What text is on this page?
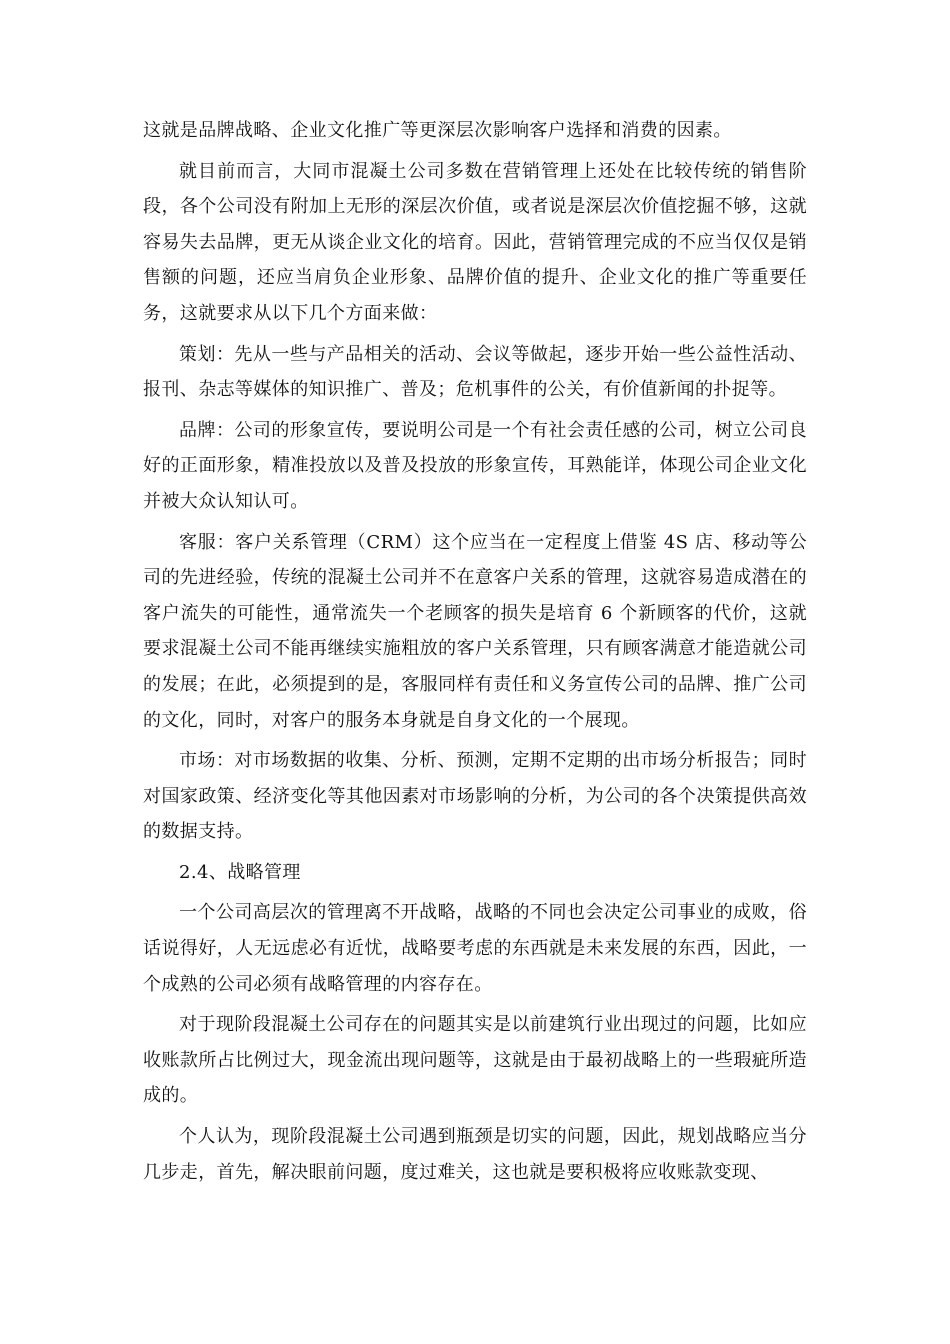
这就是品牌战略、企业文化推广等更深层次影响客户选择和消费的因素。

就目前而言，大同市混凝土公司多数在营销管理上还处在比较传统的销售阶段，各个公司没有附加上无形的深层次价值，或者说是深层次价值挖掘不够，这就容易失去品牌，更无从谈企业文化的培育。因此，营销管理完成的不应当仅仅是销售额的问题，还应当肩负企业形象、品牌价值的提升、企业文化的推广等重要任务，这就要求从以下几个方面来做：

策划：先从一些与产品相关的活动、会议等做起，逐步开始一些公益性活动、报刊、杂志等媒体的知识推广、普及；危机事件的公关，有价值新闻的扑捉等。

品牌：公司的形象宣传，要说明公司是一个有社会责任感的公司，树立公司良好的正面形象，精准投放以及普及投放的形象宣传，耳熟能详，体现公司企业文化并被大众认知认可。

客服：客户关系管理（CRM）这个应当在一定程度上借鉴 4S 店、移动等公司的先进经验，传统的混凝土公司并不在意客户关系的管理，这就容易造成潜在的客户流失的可能性，通常流失一个老顾客的损失是培育 6 个新顾客的代价，这就要求混凝土公司不能再继续实施粗放的客户关系管理，只有顾客满意才能造就公司的发展；在此，必须提到的是，客服同样有责任和义务宣传公司的品牌、推广公司的文化，同时，对客户的服务本身就是自身文化的一个展现。

市场：对市场数据的收集、分析、预测，定期不定期的出市场分析报告；同时对国家政策、经济变化等其他因素对市场影响的分析，为公司的各个决策提供高效的数据支持。

2.4、战略管理

一个公司高层次的管理离不开战略，战略的不同也会决定公司事业的成败，俗话说得好，人无远虑必有近忧，战略要考虑的东西就是未来发展的东西，因此，一个成熟的公司必须有战略管理的内容存在。

对于现阶段混凝土公司存在的问题其实是以前建筑行业出现过的问题，比如应收账款所占比例过大，现金流出现问题等，这就是由于最初战略上的一些瑕疵所造成的。

个人认为，现阶段混凝土公司遇到瓶颈是切实的问题，因此，规划战略应当分几步走，首先，解决眼前问题，度过难关，这也就是要积极将应收账款变现、
